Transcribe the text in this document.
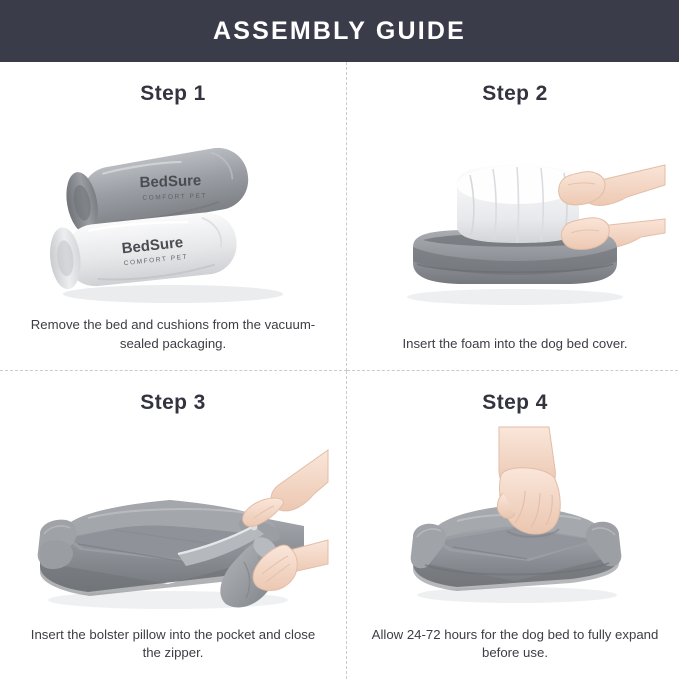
ASSEMBLY GUIDE
Step 1
BedSure
COMFORT PET
BedSure
COMFORT PET
Remove the bed and cushions from the vacuum-sealed packaging.
Step 2
Insert the foam into the dog bed cover.
Step 3
Insert the bolster pillow into the pocket and close the zipper.
Step 4
Allow 24-72 hours for the dog bed to fully expand before use.
